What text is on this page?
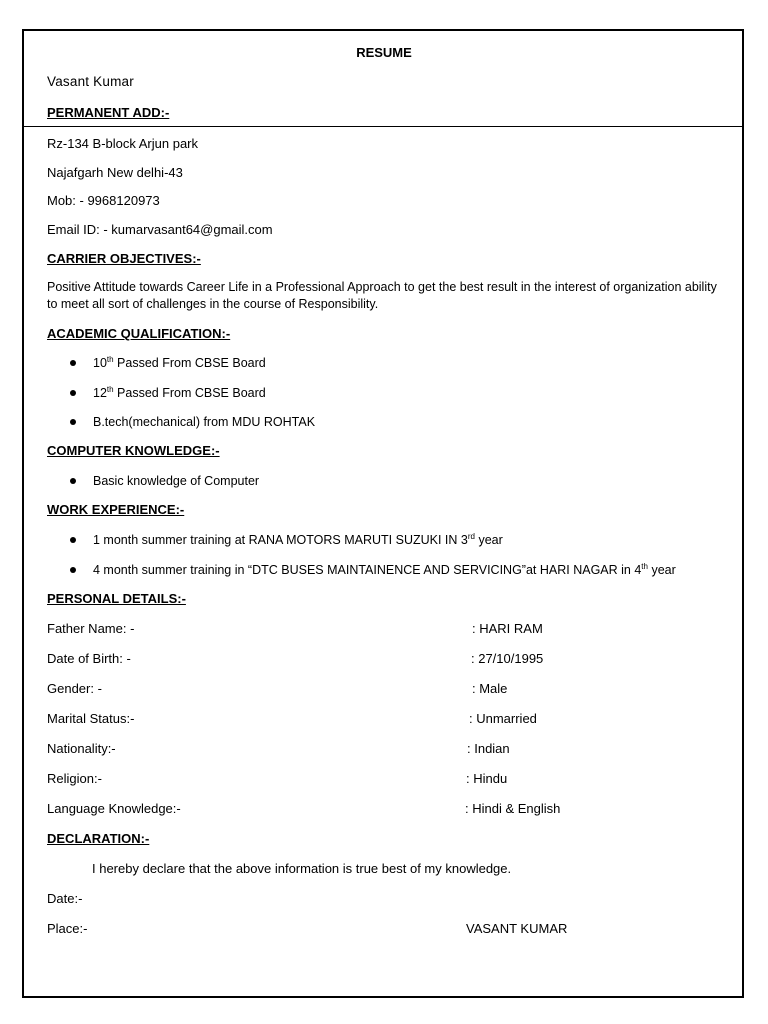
RESUME
Vasant Kumar
PERMANENT ADD:-
Rz-134 B-block Arjun park
Najafgarh New delhi-43
Mob: - 9968120973
Email ID: - kumarvasant64@gmail.com
CARRIER OBJECTIVES:-
Positive Attitude towards Career Life in a Professional Approach to get the best result in the interest of organization ability to meet all sort of challenges in the course of Responsibility.
ACADEMIC QUALIFICATION:-
10th Passed From CBSE Board
12th Passed From CBSE Board
B.tech(mechanical) from MDU ROHTAK
COMPUTER KNOWLEDGE:-
Basic knowledge of Computer
WORK EXPERIENCE:-
1 month summer training at RANA MOTORS MARUTI SUZUKI IN 3rd year
4 month summer training in “DTC BUSES MAINTAINENCE AND SERVICING”at HARI NAGAR in 4th year
PERSONAL DETAILS:-
Father Name: -	: HARI RAM
Date of Birth: -	: 27/10/1995
Gender: -	: Male
Marital Status:-	: Unmarried
Nationality:-	: Indian
Religion:-	: Hindu
Language Knowledge:-	: Hindi & English
DECLARATION:-
I hereby declare that the above information is true best of my knowledge.
Date:-
Place:-	VASANT KUMAR
